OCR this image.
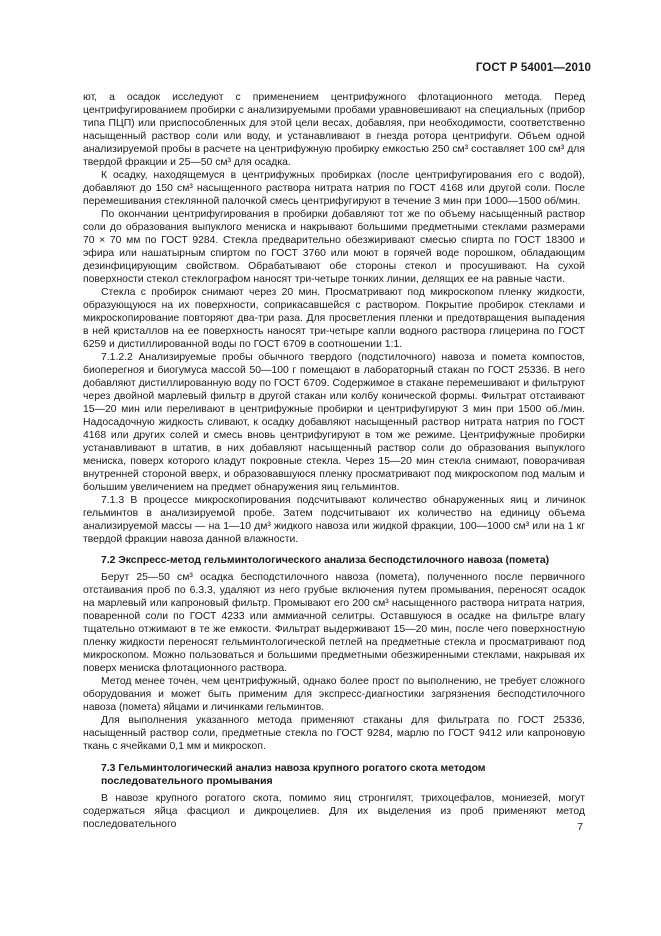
ГОСТ Р 54001—2010

ют, а осадок исследуют с применением центрифужного флотационного метода. Перед центрифугированием пробирки с анализируемыми пробами уравновешивают на специальных (прибор типа ПЦП) или приспособленных для этой цели весах, добавляя, при необходимости, соответственно насыщенный раствор соли или воду, и устанавливают в гнезда ротора центрифуги. Объем одной анализируемой пробы в расчете на центрифужную пробирку емкостью 250 см³ составляет 100 см³ для твердой фракции и 25—50 см³ для осадка.

К осадку, находящемуся в центрифужных пробирках (после центрифугирования его с водой), добавляют до 150 см³ насыщенного раствора нитрата натрия по ГОСТ 4168 или другой соли. После перемешивания стеклянной палочкой смесь центрифугируют в течение 3 мин при 1000—1500 об/мин.

По окончании центрифугирования в пробирки добавляют тот же по объему насыщенный раствор соли до образования выпуклого мениска и накрывают большими предметными стеклами размерами 70 × 70 мм по ГОСТ 9284. Стекла предварительно обезжиривают смесью спирта по ГОСТ 18300 и эфира или нашатырным спиртом по ГОСТ 3760 или моют в горячей воде порошком, обладающим дезинфицирующим свойством. Обрабатывают обе стороны стекол и просушивают. На сухой поверхности стекол стеклографом наносят три-четыре тонких линии, делящих ее на равные части.

Стекла с пробирок снимают через 20 мин. Просматривают под микроскопом пленку жидкости, образующуюся на их поверхности, соприкасавшейся с раствором. Покрытие пробирок стеклами и микроскопирование повторяют два-три раза. Для просветления пленки и предотвращения выпадения в ней кристаллов на ее поверхность наносят три-четыре капли водного раствора глицерина по ГОСТ 6259 и дистиллированной воды по ГОСТ 6709 в соотношении 1:1.

7.1.2.2 Анализируемые пробы обычного твердого (подстилочного) навоза и помета компостов, биоперегноя и биогумуса массой 50—100 г помещают в лабораторный стакан по ГОСТ 25336. В него добавляют дистиллированную воду по ГОСТ 6709. Содержимое в стакане перемешивают и фильтруют через двойной марлевый фильтр в другой стакан или колбу конической формы. Фильтрат отстаивают 15—20 мин или переливают в центрифужные пробирки и центрифугируют 3 мин при 1500 об./мин. Надосадочную жидкость сливают, к осадку добавляют насыщенный раствор нитрата натрия по ГОСТ 4168 или других солей и смесь вновь центрифугируют в том же режиме. Центрифужные пробирки устанавливают в штатив, в них добавляют насыщенный раствор соли до образования выпуклого мениска, поверх которого кладут покровные стекла. Через 15—20 мин стекла снимают, поворачивая внутренней стороной вверх, и образовавшуюся пленку просматривают под микроскопом под малым и большим увеличением на предмет обнаружения яиц гельминтов.

7.1.3 В процессе микроскопирования подсчитывают количество обнаруженных яиц и личинок гельминтов в анализируемой пробе. Затем подсчитывают их количество на единицу объема анализируемой массы — на 1—10 дм³ жидкого навоза или жидкой фракции, 100—1000 см³ или на 1 кг твердой фракции навоза данной влажности.

7.2 Экспресс-метод гельминтологического анализа бесподстилочного навоза (помета)

Берут 25—50 см³ осадка бесподстилочного навоза (помета), полученного после первичного отстаивания проб по 6.3.3, удаляют из него грубые включения путем промывания, переносят осадок на марлевый или капроновый фильтр. Промывают его 200 см³ насыщенного раствора нитрата натрия, поваренной соли по ГОСТ 4233 или аммиачной селитры. Оставшуюся в осадке на фильтре влагу тщательно отжимают в те же емкости. Фильтрат выдерживают 15—20 мин, после чего поверхностную пленку жидкости переносят гельминтологической петлей на предметные стекла и просматривают под микроскопом. Можно пользоваться и большими предметными обезжиренными стеклами, накрывая их поверх мениска флотационного раствора.

Метод менее точен, чем центрифужный, однако более прост по выполнению, не требует сложного оборудования и может быть применим для экспресс-диагностики загрязнения бесподстилочного навоза (помета) яйцами и личинками гельминтов.

Для выполнения указанного метода применяют стаканы для фильтрата по ГОСТ 25336, насыщенный раствор соли, предметные стекла по ГОСТ 9284, марлю по ГОСТ 9412 или капроновую ткань с ячейками 0,1 мм и микроскоп.

7.3 Гельминтологический анализ навоза крупного рогатого скота методом
последовательного промывания

В навозе крупного рогатого скота, помимо яиц стронгилят, трихоцефалов, мониезей, могут содержаться яйца фасциол и дикроцелиев. Для их выделения из проб применяют метод последовательного	7
